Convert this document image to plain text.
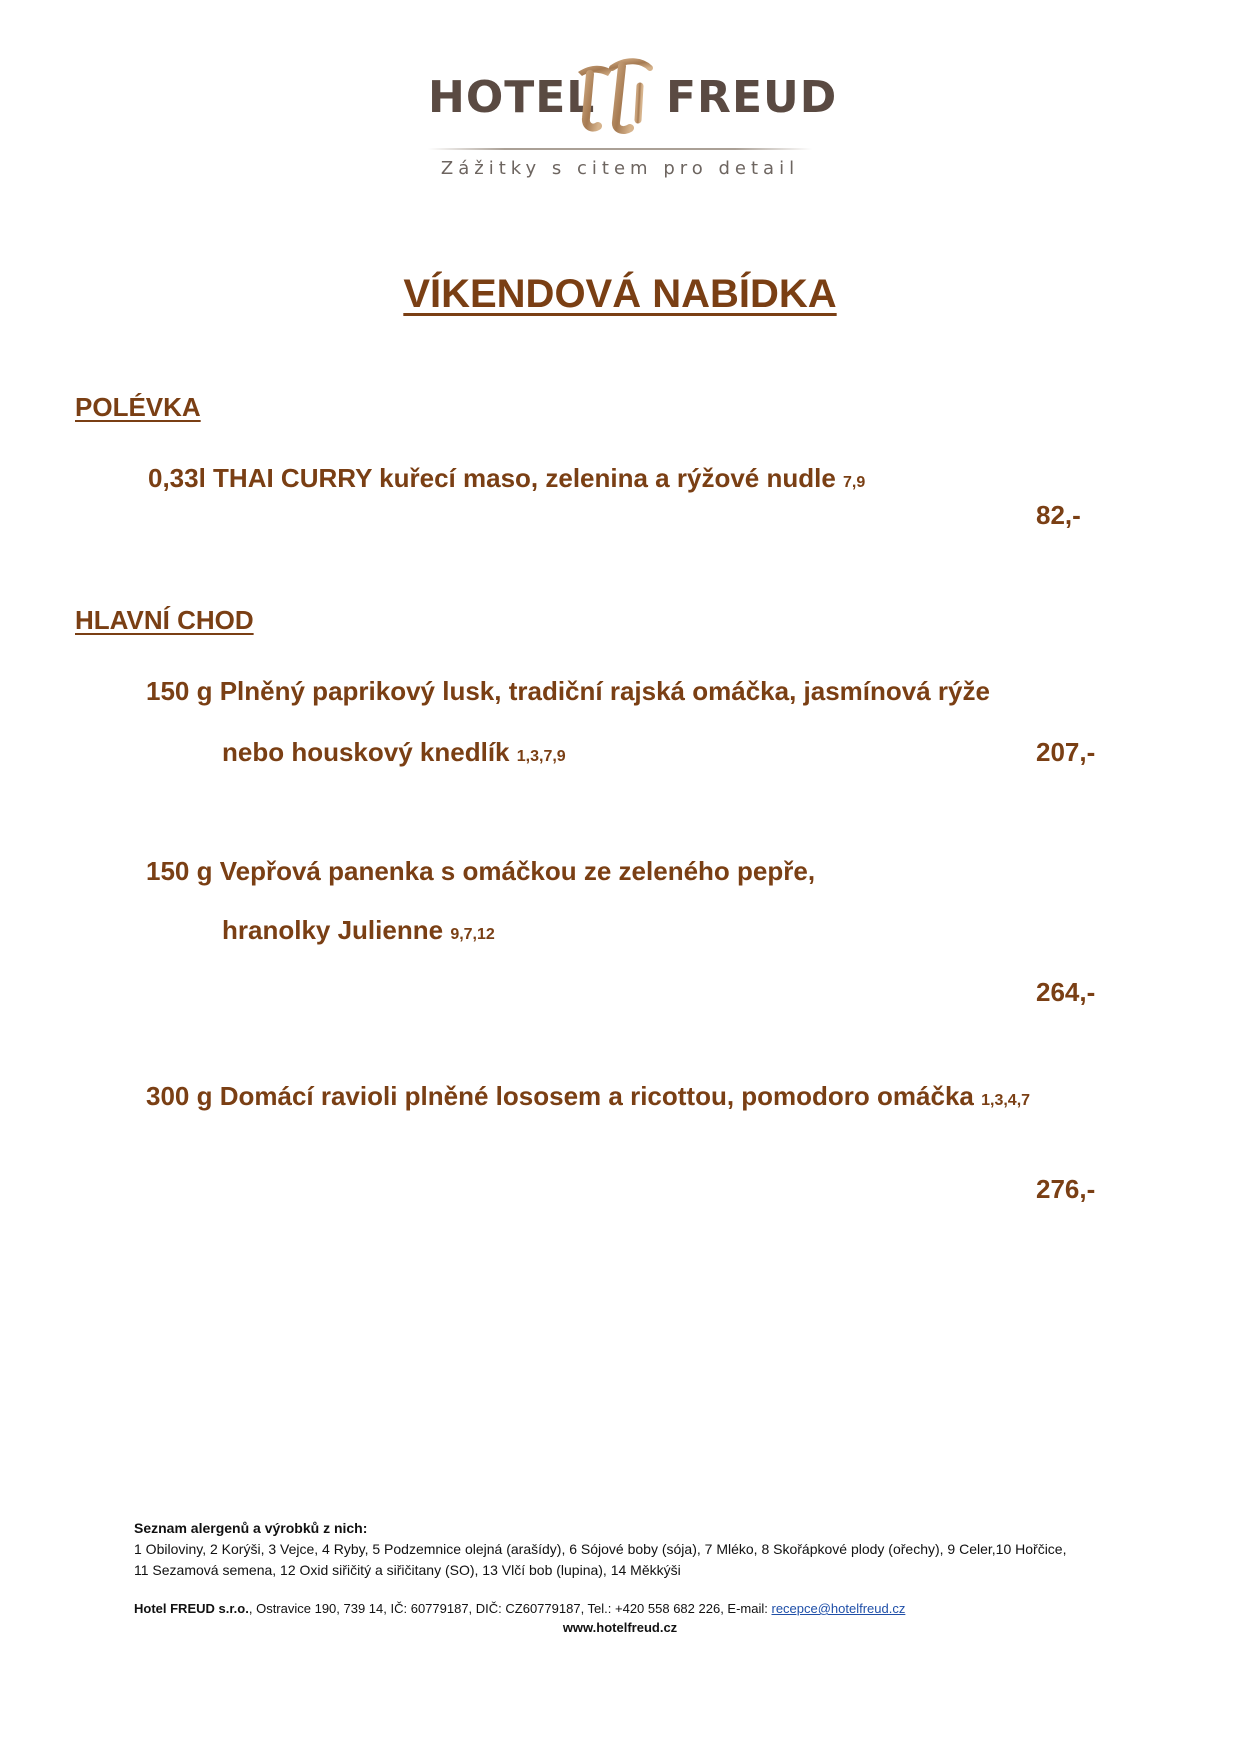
HOTEL FREUD
Zážitky s citem pro detail
VÍKENDOVÁ NABÍDKA
POLÉVKA
0,33l THAI CURRY kuřecí maso, zelenina a rýžové nudle 7,9
82,-
HLAVNÍ CHOD
150 g Plněný paprikový lusk, tradiční rajská omáčka, jasmínová rýže
nebo houskový knedlík 1,3,7,9	207,-
150 g Vepřová panenka s omáčkou ze zeleného pepře,
hranolky Julienne 9,7,12
264,-
300 g Domácí ravioli plněné lososem a ricottou, pomodoro omáčka 1,3,4,7
276,-
Seznam alergenů a výrobků z nich:
1 Obiloviny, 2 Korýši, 3 Vejce, 4 Ryby, 5 Podzemnice olejná (arašídy), 6 Sójové boby (sója), 7 Mléko, 8 Skořápkové plody (ořechy), 9 Celer,10 Hořčice,
11 Sezamová semena, 12 Oxid siřičitý a siřičitany (SO), 13 Vlčí bob (lupina), 14 Měkkýši
Hotel FREUD s.r.o., Ostravice 190, 739 14, IČ: 60779187, DIČ: CZ60779187, Tel.: +420 558 682 226, E-mail: recepce@hotelfreud.cz
www.hotelfreud.cz
